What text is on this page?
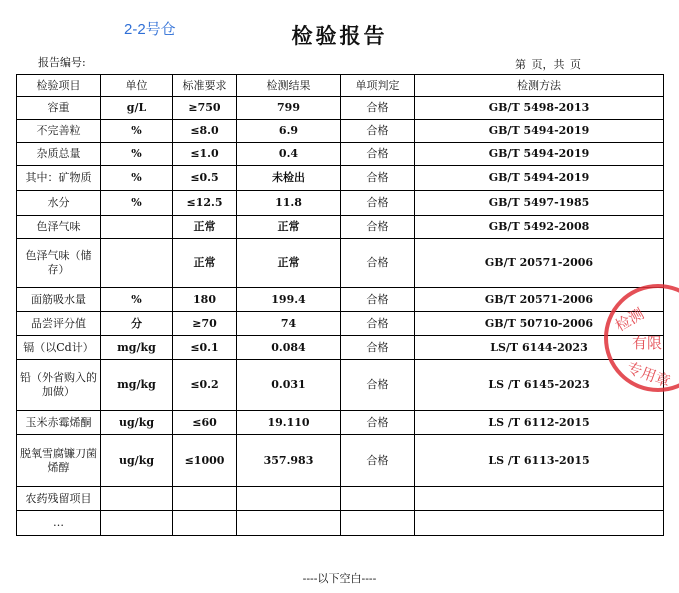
2-2号仓	检验报告
报告编号:	第 页，共 页
检验项目	单位	标准要求	检测结果	单项判定	检测方法
容重	g/L	≥750	799	合格	GB/T 5498-2013
不完善粒	%	≤8.0	6.9	合格	GB/T 5494-2019
杂质总量	%	≤1.0	0.4	合格	GB/T 5494-2019
其中：矿物质	%	≤0.5	未检出	合格	GB/T 5494-2019
水分	%	≤12.5	11.8	合格	GB/T 5497-1985
色泽气味		正常	正常	合格	GB/T 5492-2008
色泽气味（储存）		正常	正常	合格	GB/T 20571-2006
面筋吸水量	%	180	199.4	合格	GB/T 20571-2006
品尝评分值	分	≥70	74	合格	GB/T 50710-2006
镉（以Cd计）	mg/kg	≤0.1	0.084	合格	LS/T 6144-2023
铅（外省购入的加做）	mg/kg	≤0.2	0.031	合格	LS /T 6145-2023
玉米赤霉烯酮	ug/kg	≤60	19.110	合格	LS /T 6112-2015
脱氧雪腐镰刀菌烯醇	ug/kg	≤1000	357.983	合格	LS /T 6113-2015
农药残留项目					
…					
----以下空白----
检测
有限
专用章
